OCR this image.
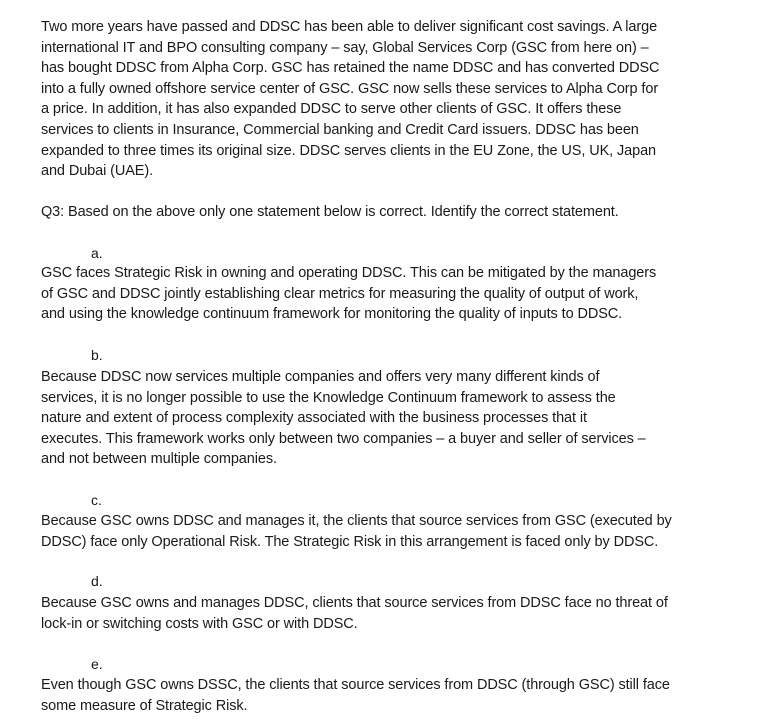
Two more years have passed and DDSC has been able to deliver significant cost savings. A large
international IT and BPO consulting company – say, Global Services Corp (GSC from here on) –
has bought DDSC from Alpha Corp. GSC has retained the name DDSC and has converted DDSC
into a fully owned offshore service center of GSC. GSC now sells these services to Alpha Corp for
a price. In addition, it has also expanded DDSC to serve other clients of GSC. It offers these
services to clients in Insurance, Commercial banking and Credit Card issuers. DDSC has been
expanded to three times its original size. DDSC serves clients in the EU Zone, the US, UK, Japan
and Dubai (UAE).

Q3: Based on the above only one statement below is correct. Identify the correct statement.

a.

GSC faces Strategic Risk in owning and operating DDSC. This can be mitigated by the managers
of GSC and DDSC jointly establishing clear metrics for measuring the quality of output of work,
and using the knowledge continuum framework for monitoring the quality of inputs to DDSC.

b.

Because DDSC now services multiple companies and offers very many different kinds of
services, it is no longer possible to use the Knowledge Continuum framework to assess the
nature and extent of process complexity associated with the business processes that it
executes. This framework works only between two companies – a buyer and seller of services –
and not between multiple companies.

c.

Because GSC owns DDSC and manages it, the clients that source services from GSC (executed by
DDSC) face only Operational Risk. The Strategic Risk in this arrangement is faced only by DDSC.

d.

Because GSC owns and manages DDSC, clients that source services from DDSC face no threat of
lock-in or switching costs with GSC or with DDSC.

e.

Even though GSC owns DSSC, the clients that source services from DDSC (through GSC) still face
some measure of Strategic Risk.
